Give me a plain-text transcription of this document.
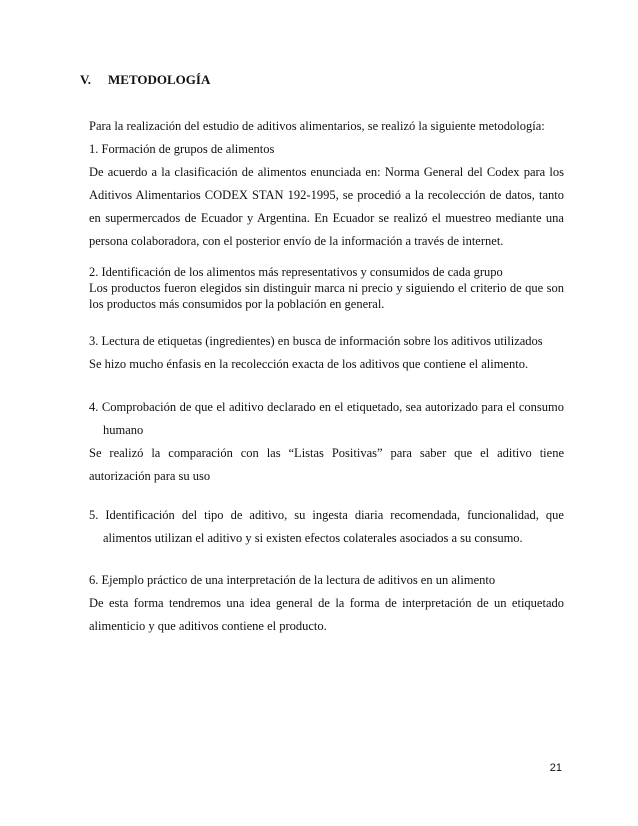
V. METODOLOGÍA
Para la realización del estudio de aditivos alimentarios, se realizó la siguiente metodología:
1. Formación de grupos de alimentos
De acuerdo a la clasificación de alimentos enunciada en: Norma General del Codex para los Aditivos Alimentarios CODEX STAN 192-1995, se procedió a la recolección de datos, tanto en supermercados de Ecuador y Argentina. En Ecuador se realizó el muestreo mediante una persona colaboradora, con el posterior envío de la información a través de internet.
2. Identificación de los alimentos más representativos y consumidos de cada grupo
Los productos fueron elegidos sin distinguir marca ni precio y siguiendo el criterio de que son los productos más consumidos por la población en general.
3. Lectura de etiquetas (ingredientes) en busca de información sobre los aditivos utilizados
Se hizo mucho énfasis en la recolección exacta de los aditivos que contiene el alimento.
4. Comprobación de que el aditivo declarado en el etiquetado, sea autorizado para el consumo humano
Se realizó la comparación con las “Listas Positivas” para saber que el aditivo tiene autorización para su uso
5. Identificación del tipo de aditivo, su ingesta diaria recomendada, funcionalidad, que alimentos utilizan el aditivo y si existen efectos colaterales asociados a su consumo.
6. Ejemplo práctico de una interpretación de la lectura de aditivos en un alimento
De esta forma tendremos una idea general de la forma de interpretación de un etiquetado alimenticio y que aditivos contiene el producto.
21
